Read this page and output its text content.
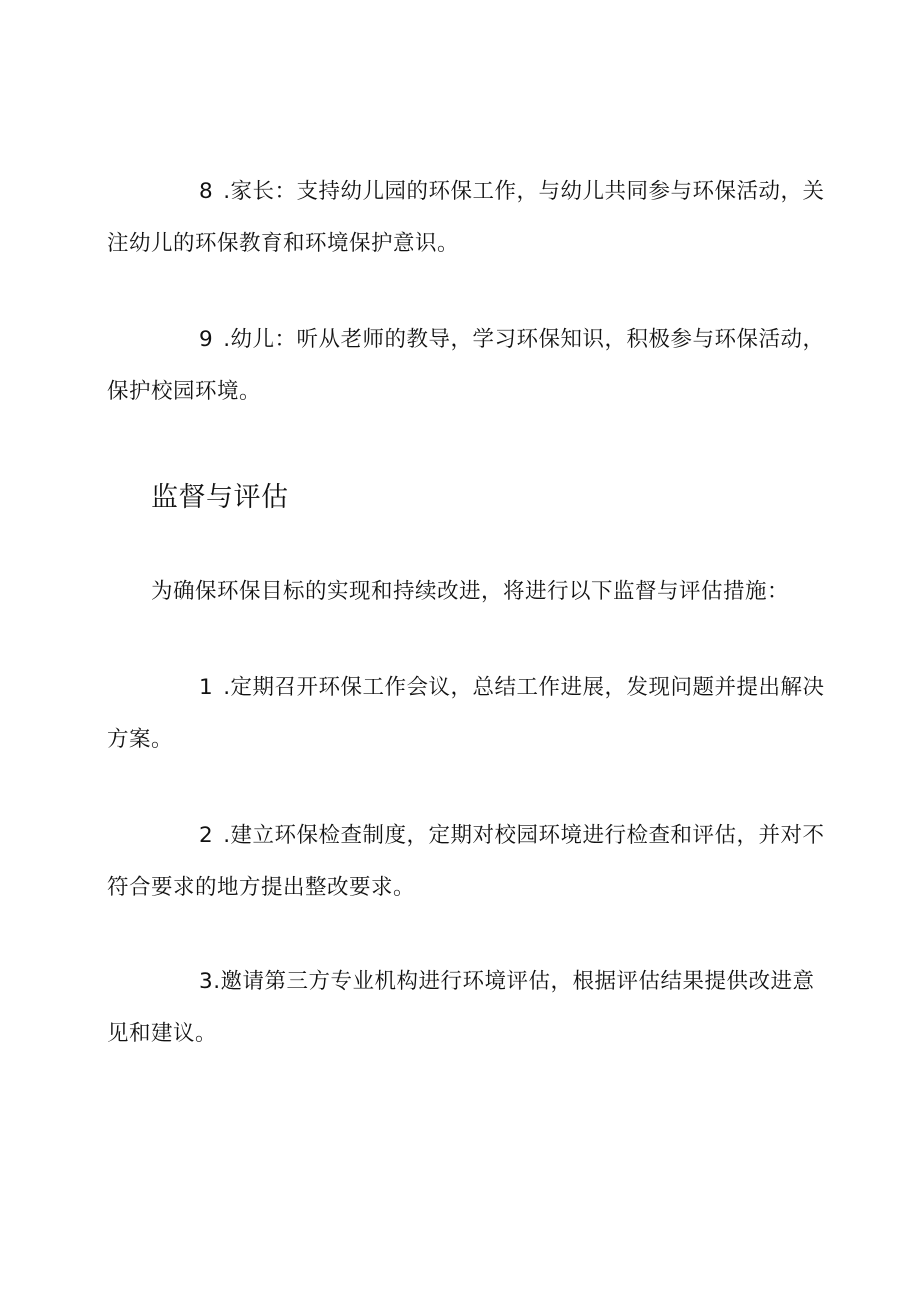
8 .家长：支持幼儿园的环保工作，与幼儿共同参与环保活动，关注幼儿的环保教育和环境保护意识。

9 .幼儿：听从老师的教导，学习环保知识，积极参与环保活动，保护校园环境。

监督与评估

为确保环保目标的实现和持续改进，将进行以下监督与评估措施：

1 .定期召开环保工作会议，总结工作进展，发现问题并提出解决方案。

2 .建立环保检查制度，定期对校园环境进行检查和评估，并对不符合要求的地方提出整改要求。

3.邀请第三方专业机构进行环境评估，根据评估结果提供改进意见和建议。
